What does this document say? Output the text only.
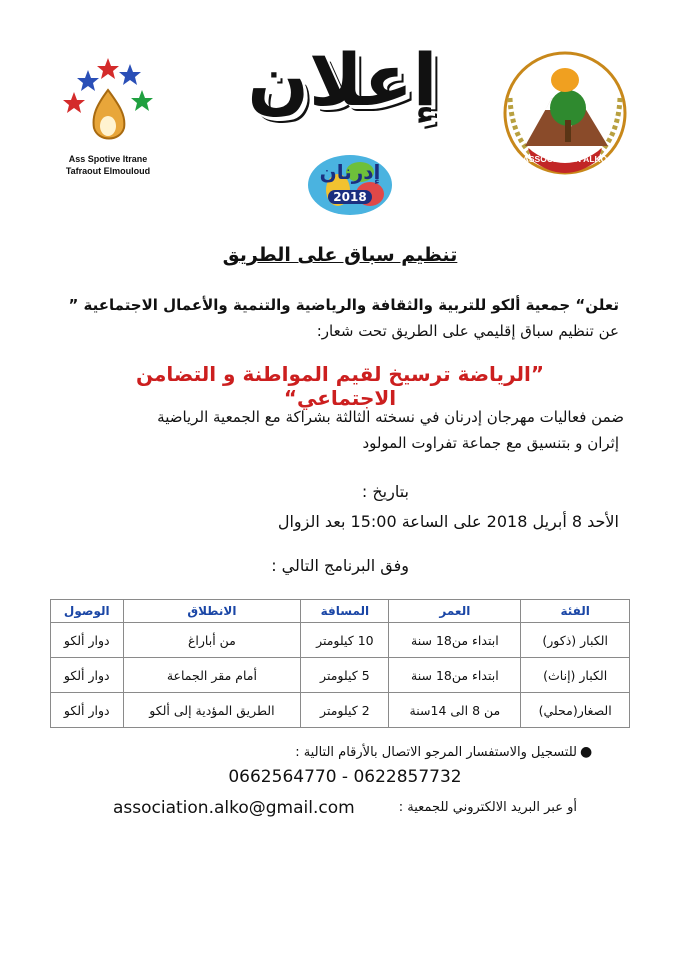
Ass Spotive Itrane
Tafraout Elmouloud
إعلان
ASSOCIATION ALKO
إدرنان
2018
تنظيم سباق على الطريق
تعلن“ جمعية ألكو للتربية والثقافة والرياضية والتنمية والأعمال الاجتماعية ”
عن تنظيم سباق إقليمي على الطريق تحت شعار:
”الرياضة ترسيخ لقيم المواطنة و التضامن الاجتماعي“
ضمن فعاليات مهرجان إدرنان في نسخته الثالثة بشراكة مع الجمعية الرياضية
إثران و بتنسيق مع جماعة تفراوت المولود
بتاريخ :
الأحد 8 أبريل 2018 على الساعة 15:00 بعد الزوال
وفق البرنامج التالي :
الفئة	العمر	المسافة	الانطلاق	الوصول
الكبار (ذكور)	ابتداء من18 سنة	10 كيلومتر	من أباراغ	دوار ألكو
الكبار (إناث)	ابتداء من18 سنة	5 كيلومتر	أمام مقر الجماعة	دوار ألكو
الصغار(محلي)	من 8 الى 14سنة	2 كيلومتر	الطريق المؤدية إلى ألكو	دوار ألكو
●
للتسجيل والاستفسار المرجو الاتصال بالأرقام التالية :
0662564770 - 0622857732
أو عبر البريد الالكتروني للجمعية :
association.alko@gmail.com
